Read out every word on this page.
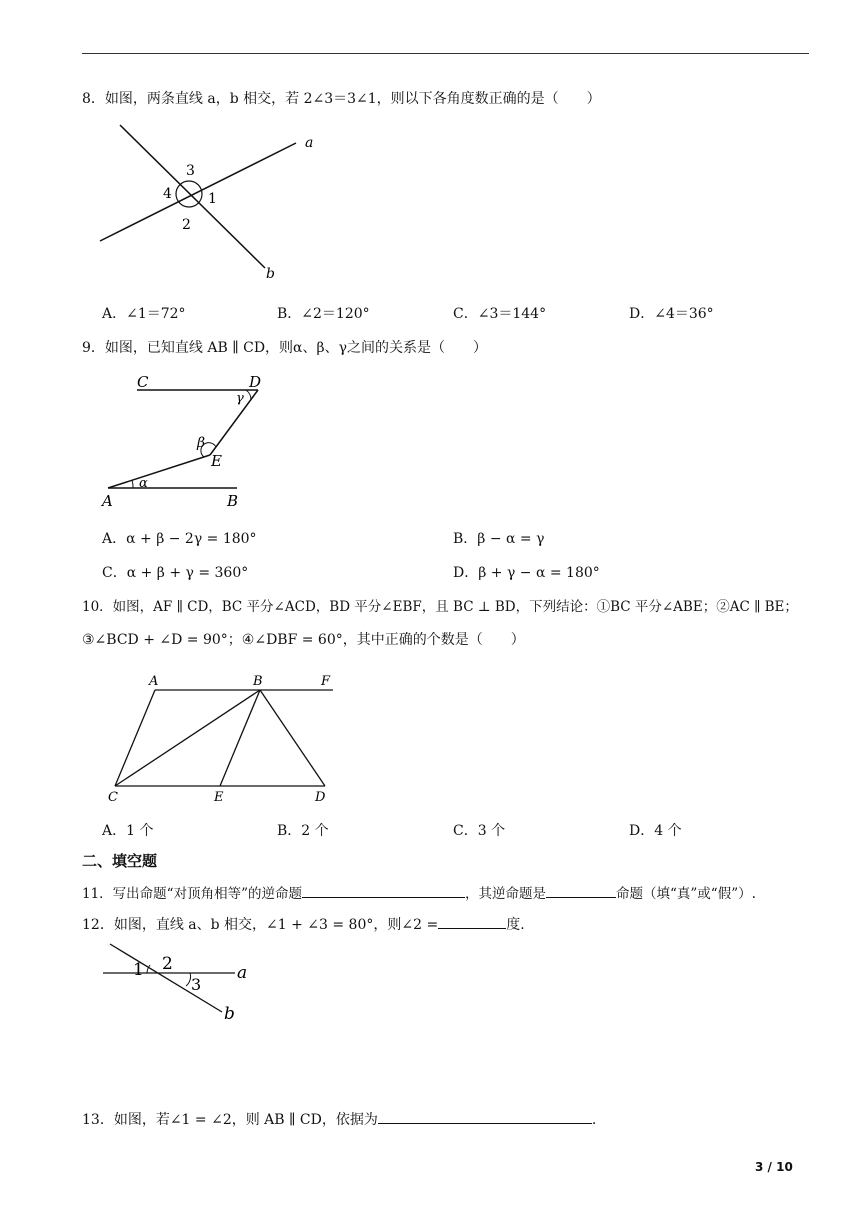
8．如图，两条直线 a，b 相交，若 2∠3＝3∠1，则以下各角度数正确的是（　　）
a
b
3
4	1
2
A．∠1＝72°	B．∠2＝120°	C．∠3＝144°	D．∠4＝36°
9．如图，已知直线 AB ∥ CD，则α、β、γ之间的关系是（　　）
C	D
γ
β
E
α
A	B
A．α + β − 2γ = 180°	B．β − α = γ
C．α + β + γ = 360°	D．β + γ − α = 180°
10．如图，AF ∥ CD，BC 平分∠ACD，BD 平分∠EBF，且 BC ⊥ BD，下列结论：①BC 平分∠ABE；②AC ∥ BE；
③∠BCD + ∠D = 90°；④∠DBF = 60°，其中正确的个数是（　　）
A	B	F
C	E	D
A．1 个	B．2 个	C．3 个	D．4 个
二、填空题
11．写出命题“对顶角相等”的逆命题	，其逆命题是	命题（填“真”或“假”）.
12．如图，直线 a、b 相交，∠1 + ∠3 = 80°，则∠2 =	度.
1 2
3
a
b
13．如图，若∠1 = ∠2，则 AB ∥ CD，依据为	.
3 / 10
